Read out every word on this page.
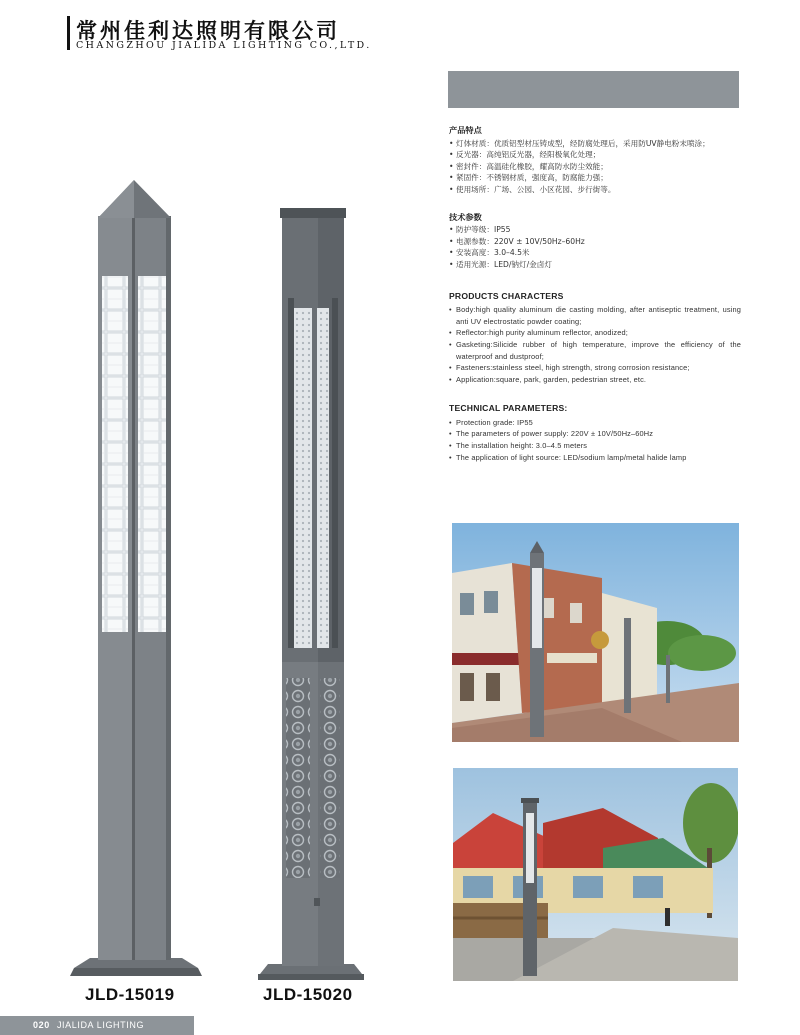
常州佳利达照明有限公司
CHANGZHOU JIALIDA LIGHTING CO.,LTD.
JLD-15019	JLD-15020
产品特点
• 灯体材质：优质铝型材压铸成型，经防腐处理后，采用防UV静电粉末喷涂；
• 反光器：高纯铝反光器，经阳极氧化处理；
• 密封件：高温硅化橡胶，耀高防水防尘效能；
• 紧固件：不锈钢材质，强度高，防腐能力强；
• 使用场所：广场、公园、小区花园、步行街等。
技术参数
• 防护等级：IP55
• 电源参数：220V ± 10V/50Hz–60Hz
• 安装高度：3.0–4.5米
• 适用光源：LED/钠灯/金卤灯
PRODUCTS CHARACTERS
• Body:high quality aluminum die casting molding, after antiseptic treatment, using anti UV electrostatic powder coating;
• Reflector:high purity aluminum reflector, anodized;
• Gasketing:Silicide rubber of high temperature, improve the efficiency of the waterproof and dustproof;
• Fasteners:stainless steel, high strength, strong corrosion resistance;
• Application:square, park, garden, pedestrian street, etc.
TECHNICAL PARAMETERS:
• Protection grade: IP55
• The parameters of power supply: 220V ± 10V/50Hz–60Hz
• The installation height: 3.0–4.5 meters
• The application of light source: LED/sodium lamp/metal halide lamp
020 JIALIDA LIGHTING
